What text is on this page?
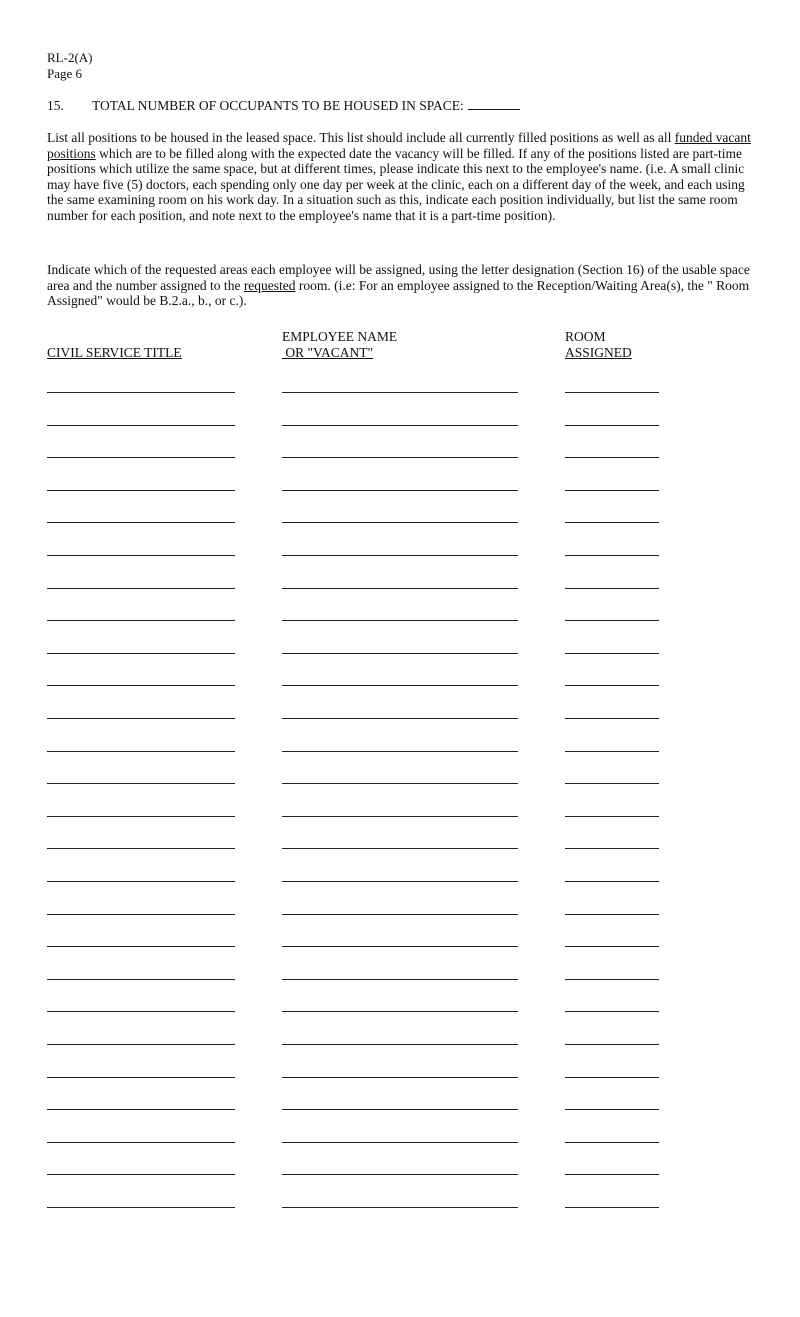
RL-2(A)
Page 6
15. TOTAL NUMBER OF OCCUPANTS TO BE HOUSED IN SPACE:

List all positions to be housed in the leased space. This list should include all currently filled positions as well as all funded vacant positions which are to be filled along with the expected date the vacancy will be filled. If any of the positions listed are part-time positions which utilize the same space, but at different times, please indicate this next to the employee's name. (i.e. A small clinic may have five (5) doctors, each spending only one day per week at the clinic, each on a different day of the week, and each using the same examining room on his work day. In a situation such as this, indicate each position individually, but list the same room number for each position, and note next to the employee's name that it is a part-time position).

Indicate which of the requested areas each employee will be assigned, using the letter designation (Section 16) of the usable space area and the number assigned to the requested room. (i.e: For an employee assigned to the Reception/Waiting Area(s), the " Room Assigned" would be B.2.a., b., or c.).

CIVIL SERVICE TITLE
EMPLOYEE NAME
OR "VACANT"
ROOM
ASSIGNED
